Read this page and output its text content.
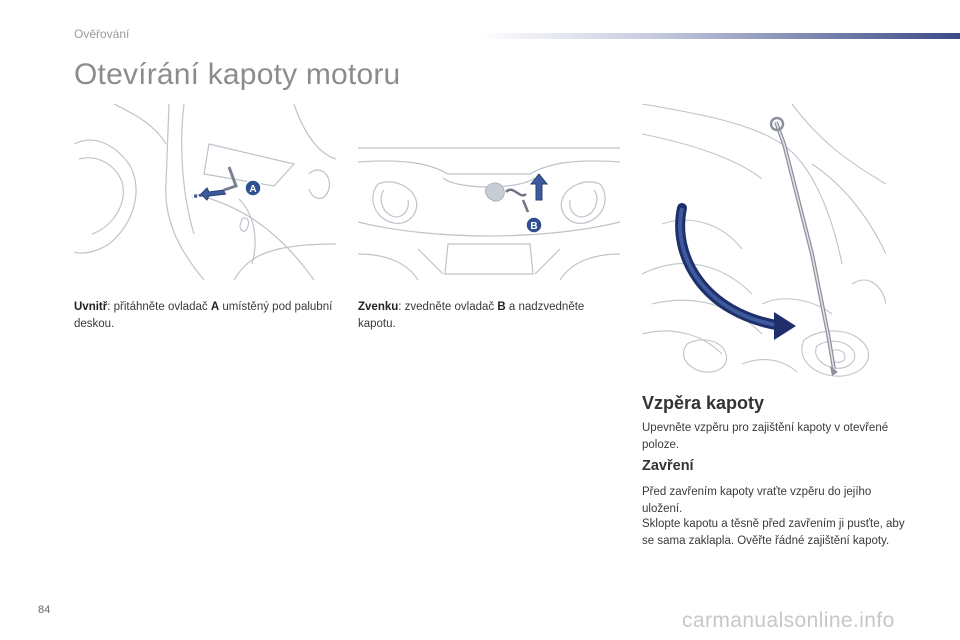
Ověřování
Otevírání kapoty motoru
A
B
Uvnitř: přitáhněte ovladač A umístěný pod palubní deskou.
Zvenku: zvedněte ovladač B a nadzvedněte kapotu.
Vzpěra kapoty
Upevněte vzpěru pro zajištění kapoty v otevřené poloze.
Zavření
Před zavřením kapoty vraťte vzpěru do jejího uložení.
Sklopte kapotu a těsně před zavřením ji pusťte, aby se sama zaklapla. Ověřte řádné zajištění kapoty.
84	carmanualsonline.info
